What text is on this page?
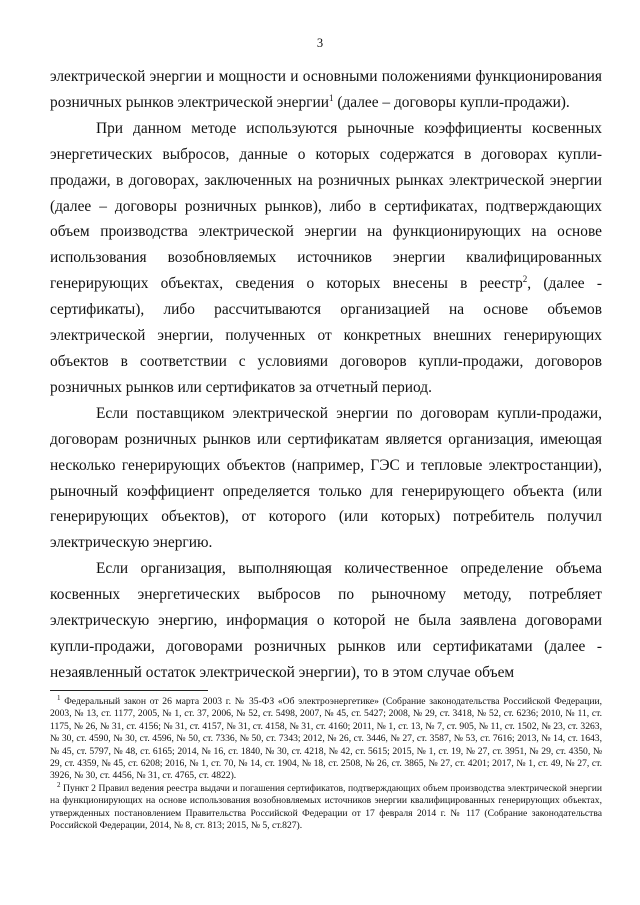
3

электрической энергии и мощности и основными положениями функционирования розничных рынков электрической энергии$^1$ (далее – договоры купли-продажи).

При данном методе используются рыночные коэффициенты косвенных энергетических выбросов, данные о которых содержатся в договорах купли-продажи, в договорах, заключенных на розничных рынках электрической энергии (далее – договоры розничных рынков), либо в сертификатах, подтверждающих объем производства электрической энергии на функционирующих на основе использования возобновляемых источников энергии квалифицированных генерирующих объектах, сведения о которых внесены в реестр$^2$, (далее - сертификаты), либо рассчитываются организацией на основе объемов электрической энергии, полученных от конкретных внешних генерирующих объектов в соответствии с условиями договоров купли-продажи, договоров розничных рынков или сертификатов за отчетный период.

Если поставщиком электрической энергии по договорам купли-продажи, договорам розничных рынков или сертификатам является организация, имеющая несколько генерирующих объектов (например, ГЭС и тепловые электростанции), рыночный коэффициент определяется только для генерирующего объекта (или генерирующих объектов), от которого (или которых) потребитель получил электрическую энергию.

Если организация, выполняющая количественное определение объема косвенных энергетических выбросов по рыночному методу, потребляет электрическую энергию, информация о которой не была заявлена договорами купли-продажи, договорами розничных рынков или сертификатами (далее - незаявленный остаток электрической энергии), то в этом случае объем

$^1$ Федеральный закон от 26 марта 2003 г. № 35-ФЗ «Об электроэнергетике» (Собрание законодательства Российской Федерации, 2003, № 13, ст. 1177, 2005, № 1, ст. 37, 2006, № 52, ст. 5498, 2007, № 45, ст. 5427; 2008, № 29, ст. 3418, № 52, ст. 6236; 2010, № 11, ст. 1175, № 26, № 31, ст. 4156; № 31, ст. 4157, № 31, ст. 4158, № 31, ст. 4160; 2011, № 1, ст. 13, № 7, ст. 905, № 11, ст. 1502, № 23, ст. 3263, № 30, ст. 4590, № 30, ст. 4596, № 50, ст. 7336, № 50, ст. 7343; 2012, № 26, ст. 3446, № 27, ст. 3587, № 53, ст. 7616; 2013, № 14, ст. 1643, № 45, ст. 5797, № 48, ст. 6165; 2014, № 16, ст. 1840, № 30, ст. 4218, № 42, ст. 5615; 2015, № 1, ст. 19, № 27, ст. 3951, № 29, ст. 4350, № 29, ст. 4359, № 45, ст. 6208; 2016, № 1, ст. 70, № 14, ст. 1904, № 18, ст. 2508, № 26, ст. 3865, № 27, ст. 4201; 2017, № 1, ст. 49, № 27, ст. 3926, № 30, ст. 4456, № 31, ст. 4765, ст. 4822).

$^2$ Пункт 2 Правил ведения реестра выдачи и погашения сертификатов, подтверждающих объем производства электрической энергии на функционирующих на основе использования возобновляемых источников энергии квалифицированных генерирующих объектах, утвержденных постановлением Правительства Российской Федерации от 17 февраля 2014 г. № 117 (Собрание законодательства Российской Федерации, 2014, № 8, ст. 813; 2015, № 5, ст.827).
